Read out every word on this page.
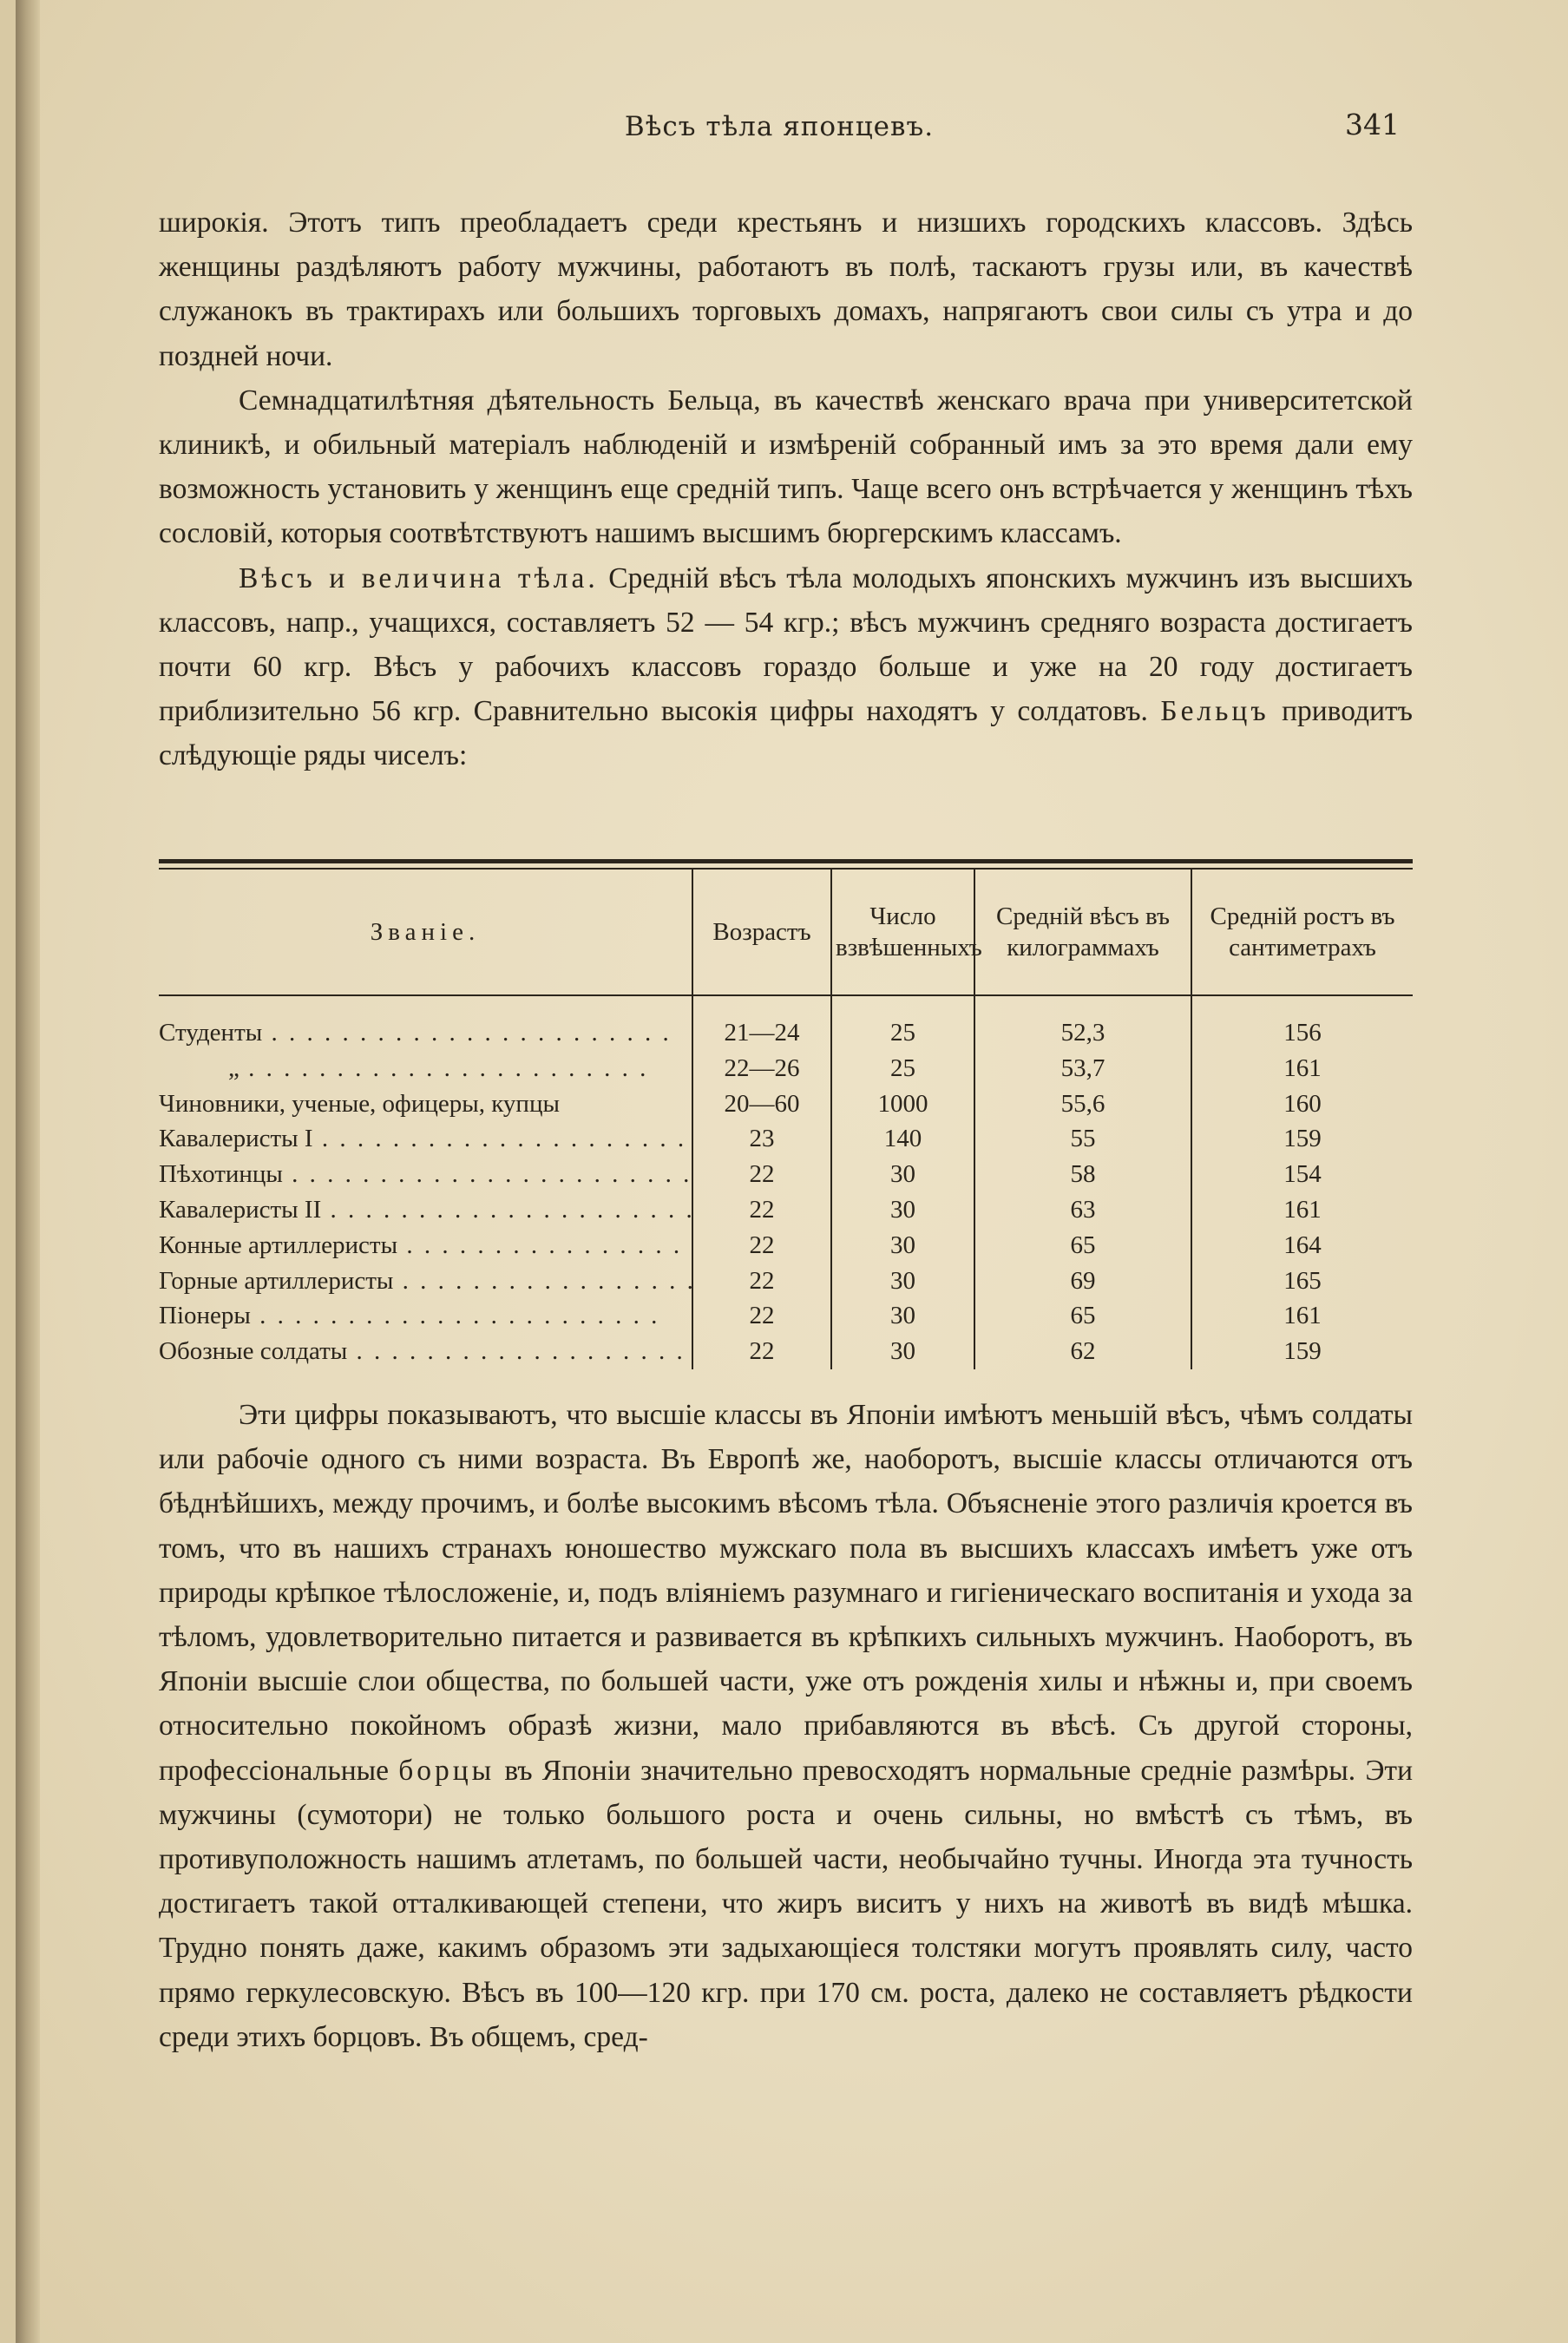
Вѣсъ тѣла японцевъ.	341

широкія. Этотъ типъ преобладаетъ среди крестьянъ и низшихъ городскихъ классовъ. Здѣсь женщины раздѣляютъ работу мужчины, работаютъ въ полѣ, таскаютъ грузы или, въ качествѣ служанокъ въ трактирахъ или большихъ торговыхъ домахъ, напрягаютъ свои силы съ утра и до поздней ночи.

Семнадцатилѣтняя дѣятельность Бельца, въ качествѣ женскаго врача при университетской клиникѣ, и обильный матеріалъ наблюденій и измѣреній собранный имъ за это время дали ему возможность установить у женщинъ еще средній типъ. Чаще всего онъ встрѣчается у женщинъ тѣхъ сословій, которыя соотвѣтствуютъ нашимъ высшимъ бюргерскимъ классамъ.

Вѣсъ и величина тѣла. Средній вѣсъ тѣла молодыхъ японскихъ мужчинъ изъ высшихъ классовъ, напр., учащихся, составляетъ 52 — 54 кгр.; вѣсъ мужчинъ средняго возраста достигаетъ почти 60 кгр. Вѣсъ у рабочихъ классовъ гораздо больше и уже на 20 году достигаетъ приблизительно 56 кгр. Сравнительно высокія цифры находятъ у солдатовъ. Бельцъ приводитъ слѣдующіе ряды чиселъ:

Званіе.	Возрастъ	Число взвѣшенныхъ	Средній вѣсъ въ килограммахъ	Средній ростъ въ сантиметрахъ
Студенты . . .	21—24	25	52,3	156
„ . . .	22—26	25	53,7	161
Чиновники, ученые, офицеры, купцы	20—60	1000	55,6	160
Кавалеристы I . . .	23	140	55	159
Пѣхотинцы . . .	22	30	58	154
Кавалеристы II . . .	22	30	63	161
Конные артиллеристы . . .	22	30	65	164
Горные артиллеристы . . .	22	30	69	165
Піонеры . . .	22	30	65	161
Обозные солдаты . . .	22	30	62	159

Эти цифры показываютъ, что высшіе классы въ Японіи имѣютъ меньшій вѣсъ, чѣмъ солдаты или рабочіе одного съ ними возраста. Въ Европѣ же, наоборотъ, высшіе классы отличаются отъ бѣднѣйшихъ, между прочимъ, и болѣе высокимъ вѣсомъ тѣла. Объясненіе этого различія кроется въ томъ, что въ нашихъ странахъ юношество мужскаго пола въ высшихъ классахъ имѣетъ уже отъ природы крѣпкое тѣлосложеніе, и, подъ вліяніемъ разумнаго и гигіеническаго воспитанія и ухода за тѣломъ, удовлетворительно питается и развивается въ крѣпкихъ сильныхъ мужчинъ. Наоборотъ, въ Японіи высшіе слои общества, по большей части, уже отъ рожденія хилы и нѣжны и, при своемъ относительно покойномъ образѣ жизни, мало прибавляются въ вѣсѣ. Съ другой стороны, профессіональные борцы въ Японіи значительно превосходятъ нормальные средніе размѣры. Эти мужчины (сумотори) не только большого роста и очень сильны, но вмѣстѣ съ тѣмъ, въ противуположность нашимъ атлетамъ, по большей части, необычайно тучны. Иногда эта тучность достигаетъ такой отталкивающей степени, что жиръ виситъ у нихъ на животѣ въ видѣ мѣшка. Трудно понять даже, какимъ образомъ эти задыхающіеся толстяки могутъ проявлять силу, часто прямо геркулесовскую. Вѣсъ въ 100—120 кгр. при 170 см. роста, далеко не составляетъ рѣдкости среди этихъ борцовъ. Въ общемъ, сред-
